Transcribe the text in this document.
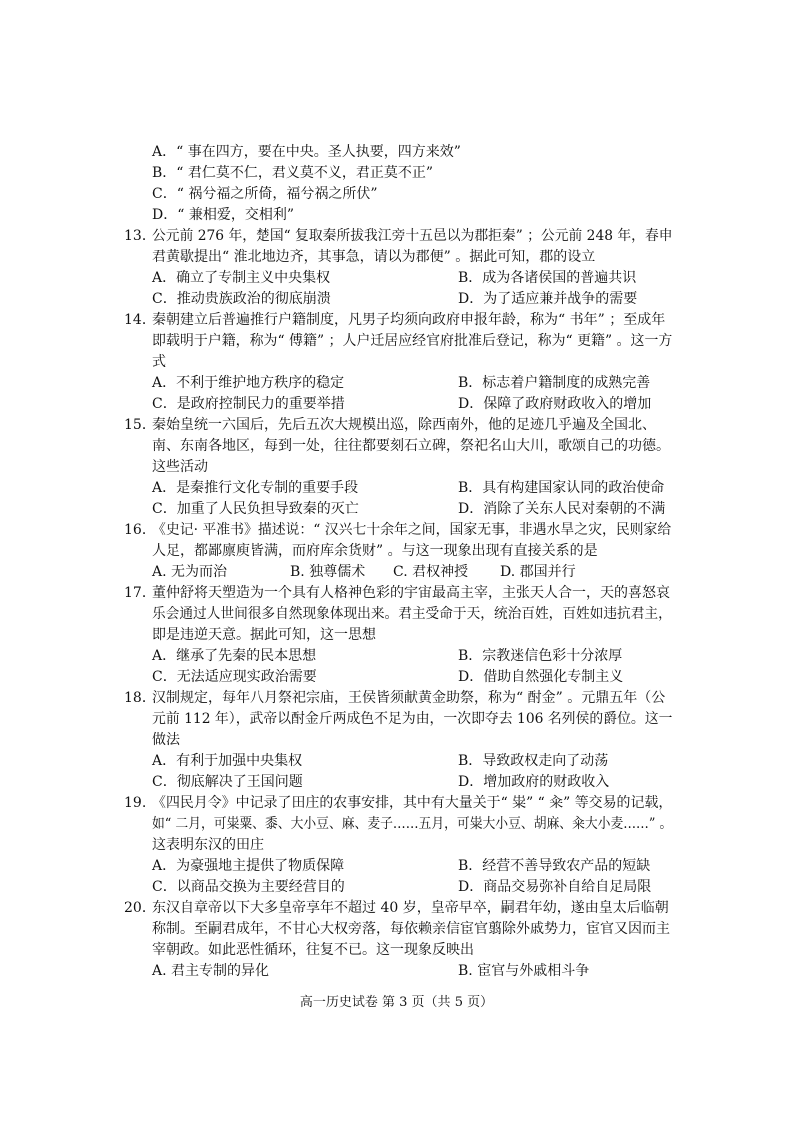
A．“ 事在四方，要在中央。圣人执要，四方来效”
B．“ 君仁莫不仁，君义莫不义，君正莫不正”
C．“ 祸兮福之所倚，福兮祸之所伏”
D．“ 兼相爱，交相利”
13．
公元前 276 年，楚国“ 复取秦所拔我江旁十五邑以为郡拒秦” ；公元前 248 年，春申
君黄歇提出“ 淮北地边齐，其事急，请以为郡便” 。据此可知，郡的设立
A．确立了专制主义中央集权	B．成为各诸侯国的普遍共识
C．推动贵族政治的彻底崩溃	D．为了适应兼并战争的需要
14．
秦朝建立后普遍推行户籍制度，凡男子均须向政府申报年龄，称为“ 书年” ；至成年
即载明于户籍，称为“ 傅籍” ；人户迁居应经官府批准后登记，称为“ 更籍” 。这一方
式
A．不利于维护地方秩序的稳定	B．标志着户籍制度的成熟完善
C．是政府控制民力的重要举措	D．保障了政府财政收入的增加
15．
秦始皇统一六国后，先后五次大规模出巡，除西南外，他的足迹几乎遍及全国北、
南、东南各地区，每到一处，往往都要刻石立碑，祭祀名山大川，歌颂自己的功德。
这些活动
A．是秦推行文化专制的重要手段	B．具有构建国家认同的政治使命
C．加重了人民负担导致秦的灭亡	D．消除了关东人民对秦朝的不满
16．
《史记· 平准书》描述说：“ 汉兴七十余年之间，国家无事，非遇水旱之灾，民则家给
人足，都鄙廪庾皆满，而府库余货财” 。与这一现象出现有直接关系的是
A. 无为而治	B. 独尊儒术 C. 君权神授 D. 郡国并行
17．
董仲舒将天塑造为一个具有人格神色彩的宇宙最高主宰，主张天人合一，天的喜怒哀
乐会通过人世间很多自然现象体现出来。君主受命于天，统治百姓，百姓如违抗君主，
即是违逆天意。据此可知，这一思想
A．继承了先秦的民本思想	B．宗教迷信色彩十分浓厚
C．无法适应现实政治需要	D．借助自然强化专制主义
18．
汉制规定，每年八月祭祀宗庙，王侯皆须献黄金助祭，称为“ 酎金” 。元鼎五年（公
元前 112 年），武帝以酎金斤两成色不足为由，一次即夺去 106 名列侯的爵位。这一
做法
A．有利于加强中央集权	B．导致政权走向了动荡
C．彻底解决了王国问题	D．增加政府的财政收入
19. 《四民月令》中记录了田庄的农事安排，其中有大量关于“ 粜” “ 籴” 等交易的记载，
如“ 二月，可粜粟、黍、大小豆、麻、麦子……五月，可粜大小豆、胡麻、籴大小麦……” 。
这表明东汉的田庄
A．为豪强地主提供了物质保障	B．经营不善导致农产品的短缺
C．以商品交换为主要经营目的	D．商品交易弥补自给自足局限
20．
东汉自章帝以下大多皇帝享年不超过 40 岁，皇帝早卒，嗣君年幼，遂由皇太后临朝
称制。至嗣君成年，不甘心大权旁落，每依赖亲信宦官翦除外戚势力，宦官又因而主
宰朝政。如此恶性循环，往复不已。这一现象反映出
A. 君主专制的异化	B. 宦官与外戚相斗争
高一历史试卷 第 3 页（共 5 页）
